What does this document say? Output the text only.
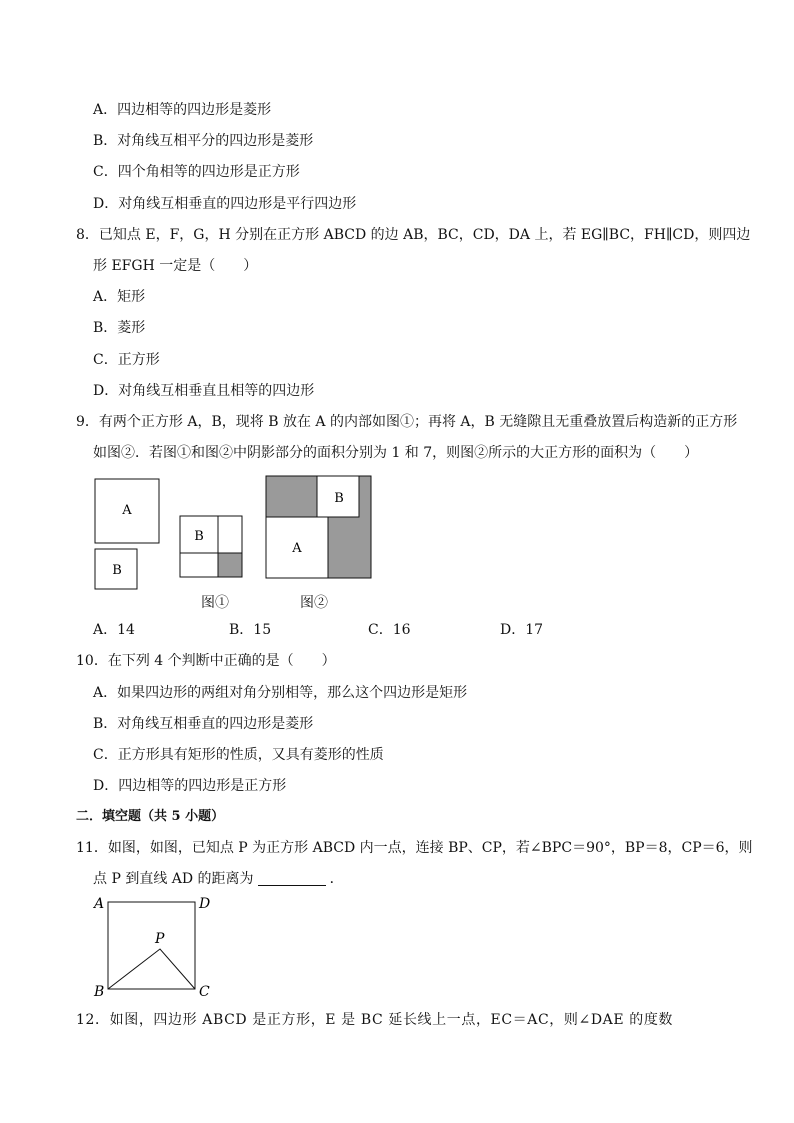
A．四边相等的四边形是菱形
B．对角线互相平分的四边形是菱形
C．四个角相等的四边形是正方形
D．对角线互相垂直的四边形是平行四边形
8．已知点 E，F，G，H 分别在正方形 ABCD 的边 AB，BC，CD，DA 上，若 EG∥BC，FH∥CD，则四边
形 EFGH 一定是（　　）
A．矩形
B．菱形
C．正方形
D．对角线互相垂直且相等的四边形
9．有两个正方形 A，B，现将 B 放在 A 的内部如图①；再将 A，B 无缝隙且无重叠放置后构造新的正方形
如图②．若图①和图②中阴影部分的面积分别为 1 和 7，则图②所示的大正方形的面积为（　　）
A
B
B
A
B
图①	图②
A．14	B．15	C．16	D．17
10．在下列 4 个判断中正确的是（　　）
A．如果四边形的两组对角分别相等，那么这个四边形是矩形
B．对角线互相垂直的四边形是菱形
C．正方形具有矩形的性质，又具有菱形的性质
D．四边相等的四边形是正方形
二．填空题（共 5 小题）
11．如图，如图，已知点 P 为正方形 ABCD 内一点，连接 BP、CP，若∠BPC＝90°，BP＝8，CP＝6，则
点 P 到直线 AD 的距离为	．
A	D
P
B	C
12．如图，四边形 ABCD 是正方形，E 是 BC 延长线上一点，EC＝AC，则∠DAE 的度数
